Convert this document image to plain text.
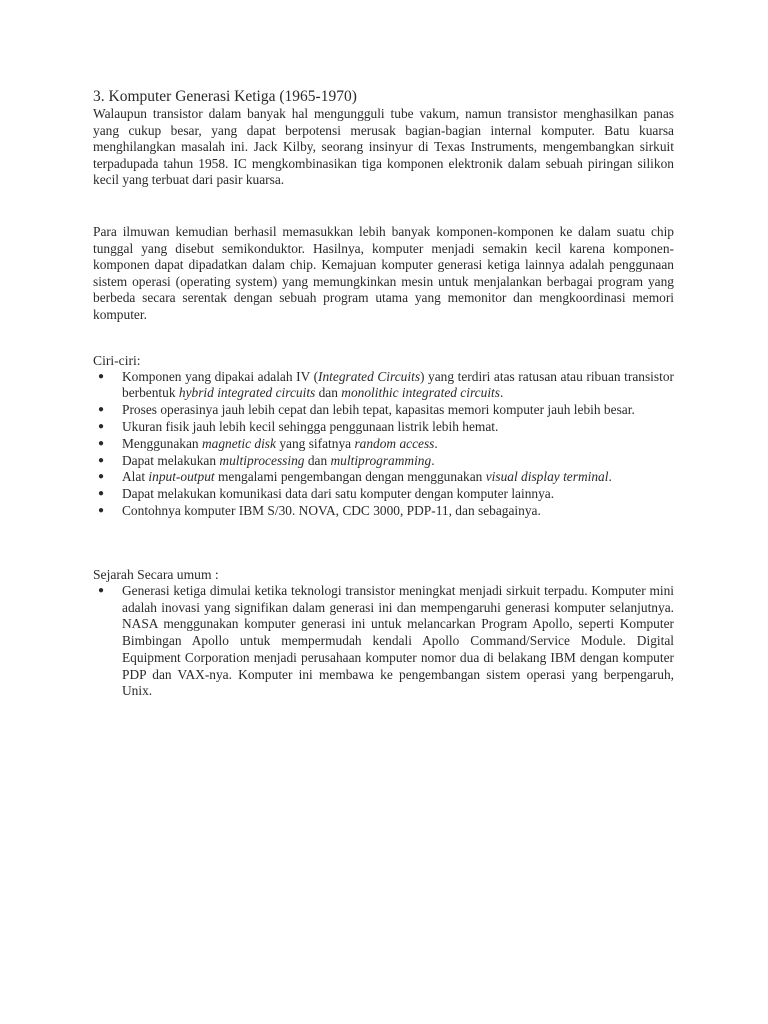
3. Komputer Generasi Ketiga (1965-1970)

Walaupun transistor dalam banyak hal mengungguli tube vakum, namun transistor menghasilkan panas yang cukup besar, yang dapat berpotensi merusak bagian-bagian internal komputer. Batu kuarsa menghilangkan masalah ini. Jack Kilby, seorang insinyur di Texas Instruments, mengembangkan sirkuit terpadupada tahun 1958. IC mengkombinasikan tiga komponen elektronik dalam sebuah piringan silikon kecil yang terbuat dari pasir kuarsa.

Para ilmuwan kemudian berhasil memasukkan lebih banyak komponen-komponen ke dalam suatu chip tunggal yang disebut semikonduktor. Hasilnya, komputer menjadi semakin kecil karena komponen-komponen dapat dipadatkan dalam chip. Kemajuan komputer generasi ketiga lainnya adalah penggunaan sistem operasi (operating system) yang memungkinkan mesin untuk menjalankan berbagai program yang berbeda secara serentak dengan sebuah program utama yang memonitor dan mengkoordinasi memori komputer.

Ciri-ciri:

● Komponen yang dipakai adalah IV (Integrated Circuits) yang terdiri atas ratusan atau ribuan transistor berbentuk hybrid integrated circuits dan monolithic integrated circuits.
● Proses operasinya jauh lebih cepat dan lebih tepat, kapasitas memori komputer jauh lebih besar.
● Ukuran fisik jauh lebih kecil sehingga penggunaan listrik lebih hemat.
● Menggunakan magnetic disk yang sifatnya random access.
● Dapat melakukan multiprocessing dan multiprogramming.
● Alat input-output mengalami pengembangan dengan menggunakan visual display terminal.
● Dapat melakukan komunikasi data dari satu komputer dengan komputer lainnya.
● Contohnya komputer IBM S/30. NOVA, CDC 3000, PDP-11, dan sebagainya.

Sejarah Secara umum :

● Generasi ketiga dimulai ketika teknologi transistor meningkat menjadi sirkuit terpadu. Komputer mini adalah inovasi yang signifikan dalam generasi ini dan mempengaruhi generasi komputer selanjutnya. NASA menggunakan komputer generasi ini untuk melancarkan Program Apollo, seperti Komputer Bimbingan Apollo untuk mempermudah kendali Apollo Command/Service Module. Digital Equipment Corporation menjadi perusahaan komputer nomor dua di belakang IBM dengan komputer PDP dan VAX-nya. Komputer ini membawa ke pengembangan sistem operasi yang berpengaruh, Unix.
